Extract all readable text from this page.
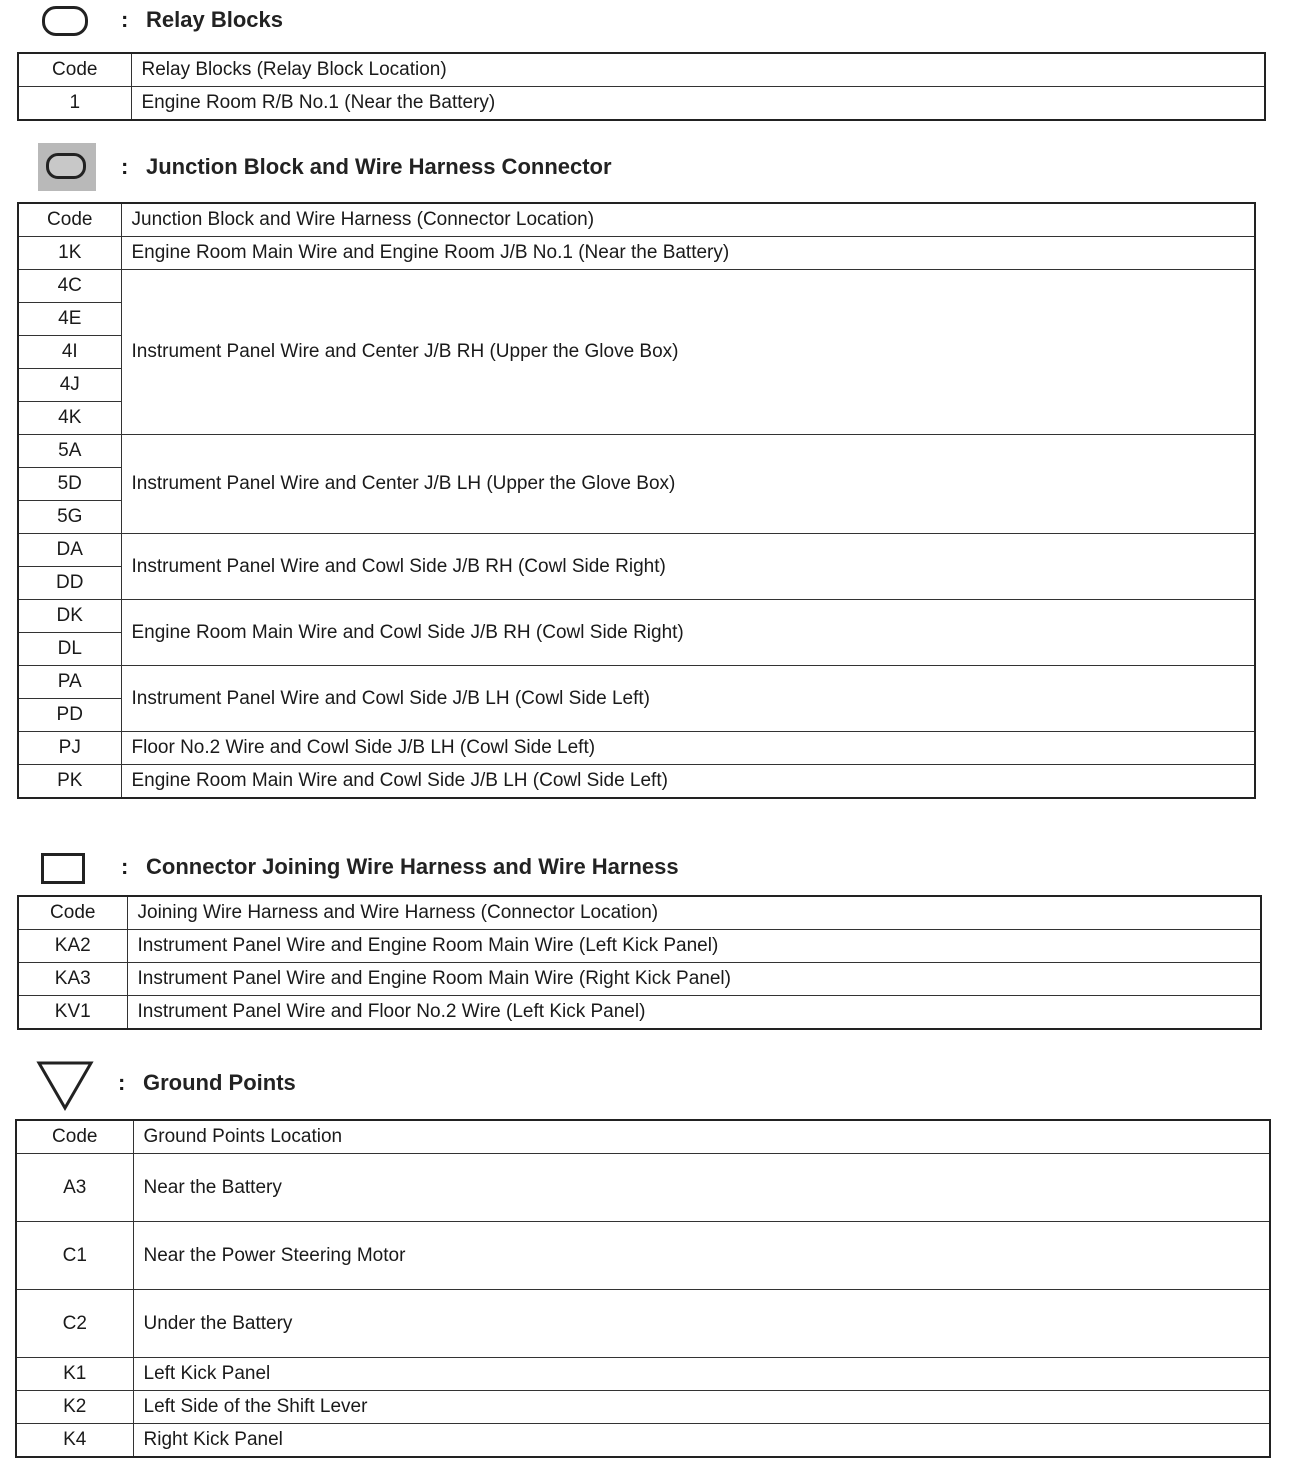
: Relay Blocks
Code	Relay Blocks (Relay Block Location)
1	Engine Room R/B No.1 (Near the Battery)
: Junction Block and Wire Harness Connector
Code	Junction Block and Wire Harness (Connector Location)
1K	Engine Room Main Wire and Engine Room J/B No.1 (Near the Battery)
4C	Instrument Panel Wire and Center J/B RH (Upper the Glove Box)
4E	
4I	
4J	
4K	
5A	Instrument Panel Wire and Center J/B LH (Upper the Glove Box)
5D	
5G	
DA	Instrument Panel Wire and Cowl Side J/B RH (Cowl Side Right)
DD	
DK	Engine Room Main Wire and Cowl Side J/B RH (Cowl Side Right)
DL	
PA	Instrument Panel Wire and Cowl Side J/B LH (Cowl Side Left)
PD	
PJ	Floor No.2 Wire and Cowl Side J/B LH (Cowl Side Left)
PK	Engine Room Main Wire and Cowl Side J/B LH (Cowl Side Left)
: Connector Joining Wire Harness and Wire Harness
Code	Joining Wire Harness and Wire Harness (Connector Location)
KA2	Instrument Panel Wire and Engine Room Main Wire (Left Kick Panel)
KA3	Instrument Panel Wire and Engine Room Main Wire (Right Kick Panel)
KV1	Instrument Panel Wire and Floor No.2 Wire (Left Kick Panel)
: Ground Points
Code	Ground Points Location
A3	Near the Battery
C1	Near the Power Steering Motor
C2	Under the Battery
K1	Left Kick Panel
K2	Left Side of the Shift Lever
K4	Right Kick Panel
